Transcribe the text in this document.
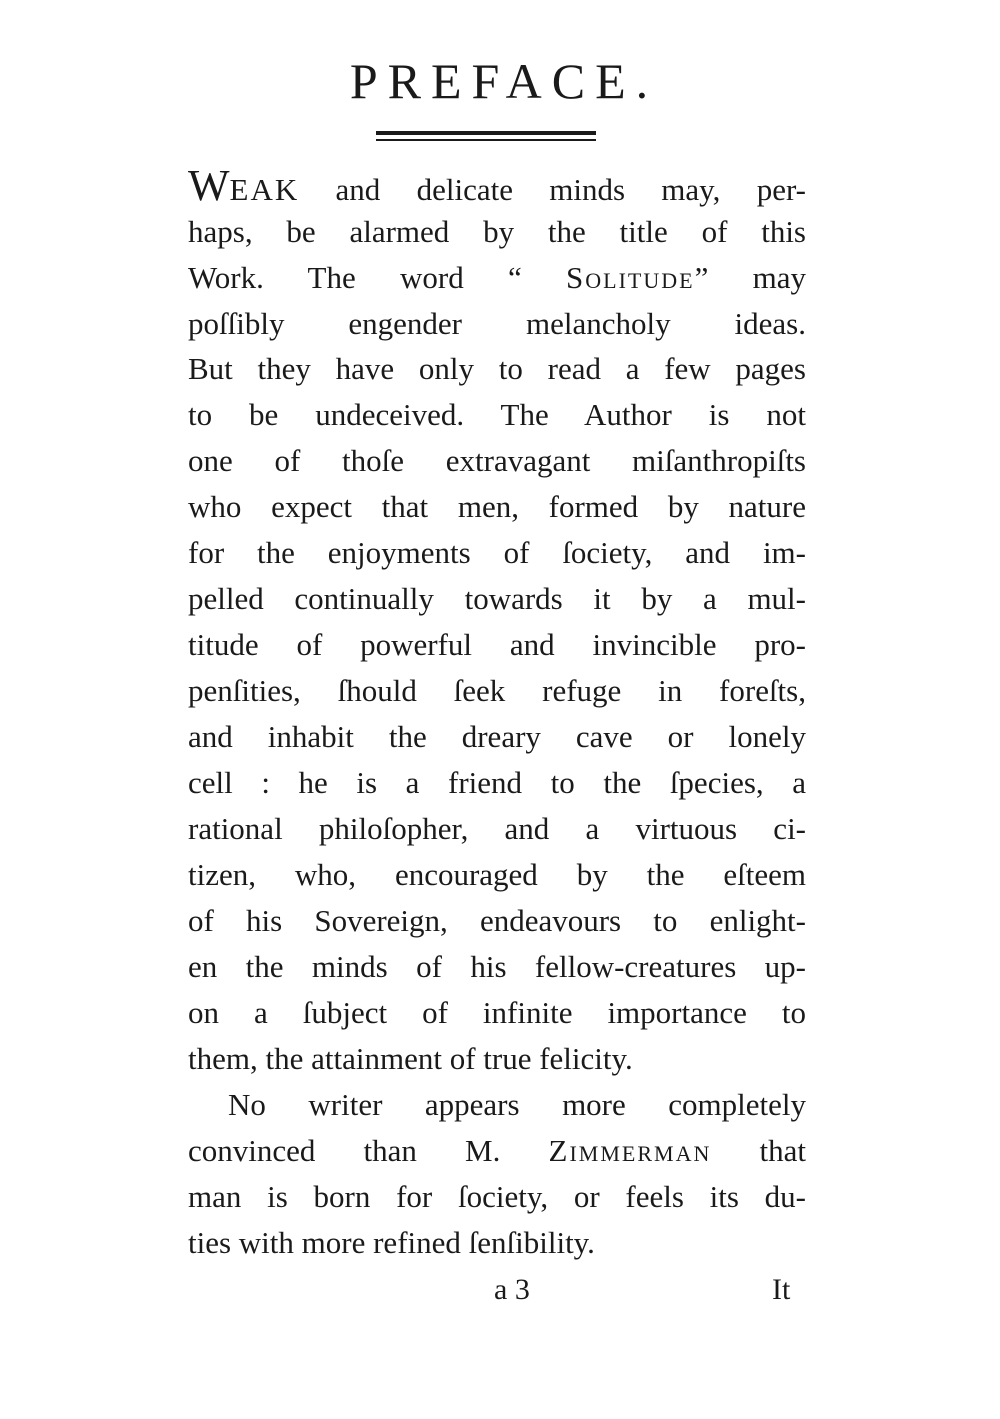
PREFACE.
WEAK and delicate minds may, per-
haps, be alarmed by the title of this
Work. The word “ Solitude” may
poſſibly engender melancholy ideas.
But they have only to read a few pages
to be undeceived. The Author is not
one of thoſe extravagant miſanthropiſts
who expect that men, formed by nature
for the enjoyments of ſociety, and im-
pelled continually towards it by a mul-
titude of powerful and invincible pro-
penſities, ſhould ſeek refuge in foreſts,
and inhabit the dreary cave or lonely
cell : he is a friend to the ſpecies, a
rational philoſopher, and a virtuous ci-
tizen, who, encouraged by the eſteem
of his Sovereign, endeavours to enlight-
en the minds of his fellow-creatures up-
on a ſubject of infinite importance to
them, the attainment of true felicity.
No writer appears more completely
convinced than M. Zimmerman that
man is born for ſociety, or feels its du-
ties with more refined ſenſibility.
a 3	It
